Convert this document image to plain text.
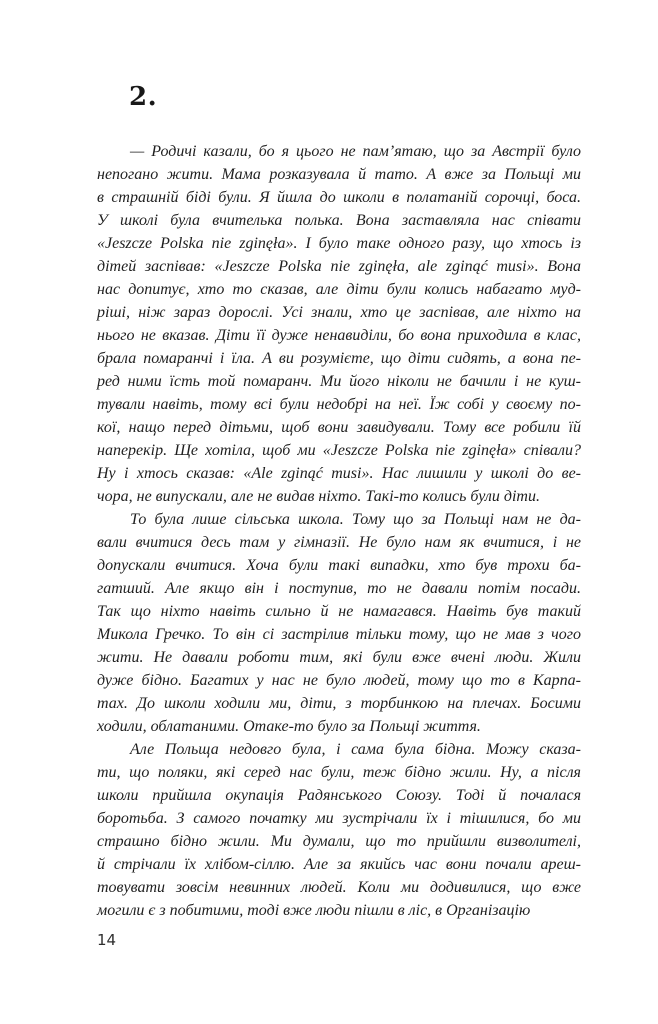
2.
— Родичі казали, бо я цього не пам’ятаю, що за Австрії було
непогано жити. Мама розказувала й тато. А вже за Польщі ми
в страшній біді були. Я йшла до школи в полатаній сорочці, боса.
У школі була вчителька полька. Вона заставляла нас співати
«Jeszcze Polska nie zginęła». І було таке одного разу, що хтось із
дітей заспівав: «Jeszcze Polska nie zginęła, ale zginąć musi». Вона
нас допитує, хто то сказав, але діти були колись набагато муд-
ріші, ніж зараз дорослі. Усі знали, хто це заспівав, але ніхто на
нього не вказав. Діти її дуже ненавиділи, бо вона приходила в клас,
брала помаранчі і їла. А ви розумієте, що діти сидять, а вона пе-
ред ними їсть той помаранч. Ми його ніколи не бачили і не куш-
тували навіть, тому всі були недобрі на неї. Їж собі у своєму по-
кої, нащо перед дітьми, щоб вони завидували. Тому все робили їй
наперекір. Ще хотіла, щоб ми «Jeszcze Polska nie zginęła» співали?
Ну і хтось сказав: «Ale zginąć musi». Нас лишили у школі до ве-
чора, не випускали, але не видав ніхто. Такі-то колись були діти.
То була лише сільська школа. Тому що за Польщі нам не да-
вали вчитися десь там у гімназії. Не було нам як вчитися, і не
допускали вчитися. Хоча були такі випадки, хто був трохи ба-
гатший. Але якщо він і поступив, то не давали потім посади.
Так що ніхто навіть сильно й не намагався. Навіть був такий
Микола Гречко. То він сі застрілив тільки тому, що не мав з чого
жити. Не давали роботи тим, які були вже вчені люди. Жили
дуже бідно. Багатих у нас не було людей, тому що то в Карпа-
тах. До школи ходили ми, діти, з торбинкою на плечах. Босими
ходили, облатаними. Отаке-то було за Польщі життя.
Але Польща недовго була, і сама була бідна. Можу сказа-
ти, що поляки, які серед нас були, теж бідно жили. Ну, а після
школи прийшла окупація Радянського Союзу. Тоді й почалася
боротьба. З самого початку ми зустрічали їх і тішилися, бо ми
страшно бідно жили. Ми думали, що то прийшли визволителі,
й стрічали їх хлібом-сіллю. Але за якийсь час вони почали ареш-
товувати зовсім невинних людей. Коли ми додивилися, що вже
могили є з побитими, тоді вже люди пішли в ліс, в Організацію
14
